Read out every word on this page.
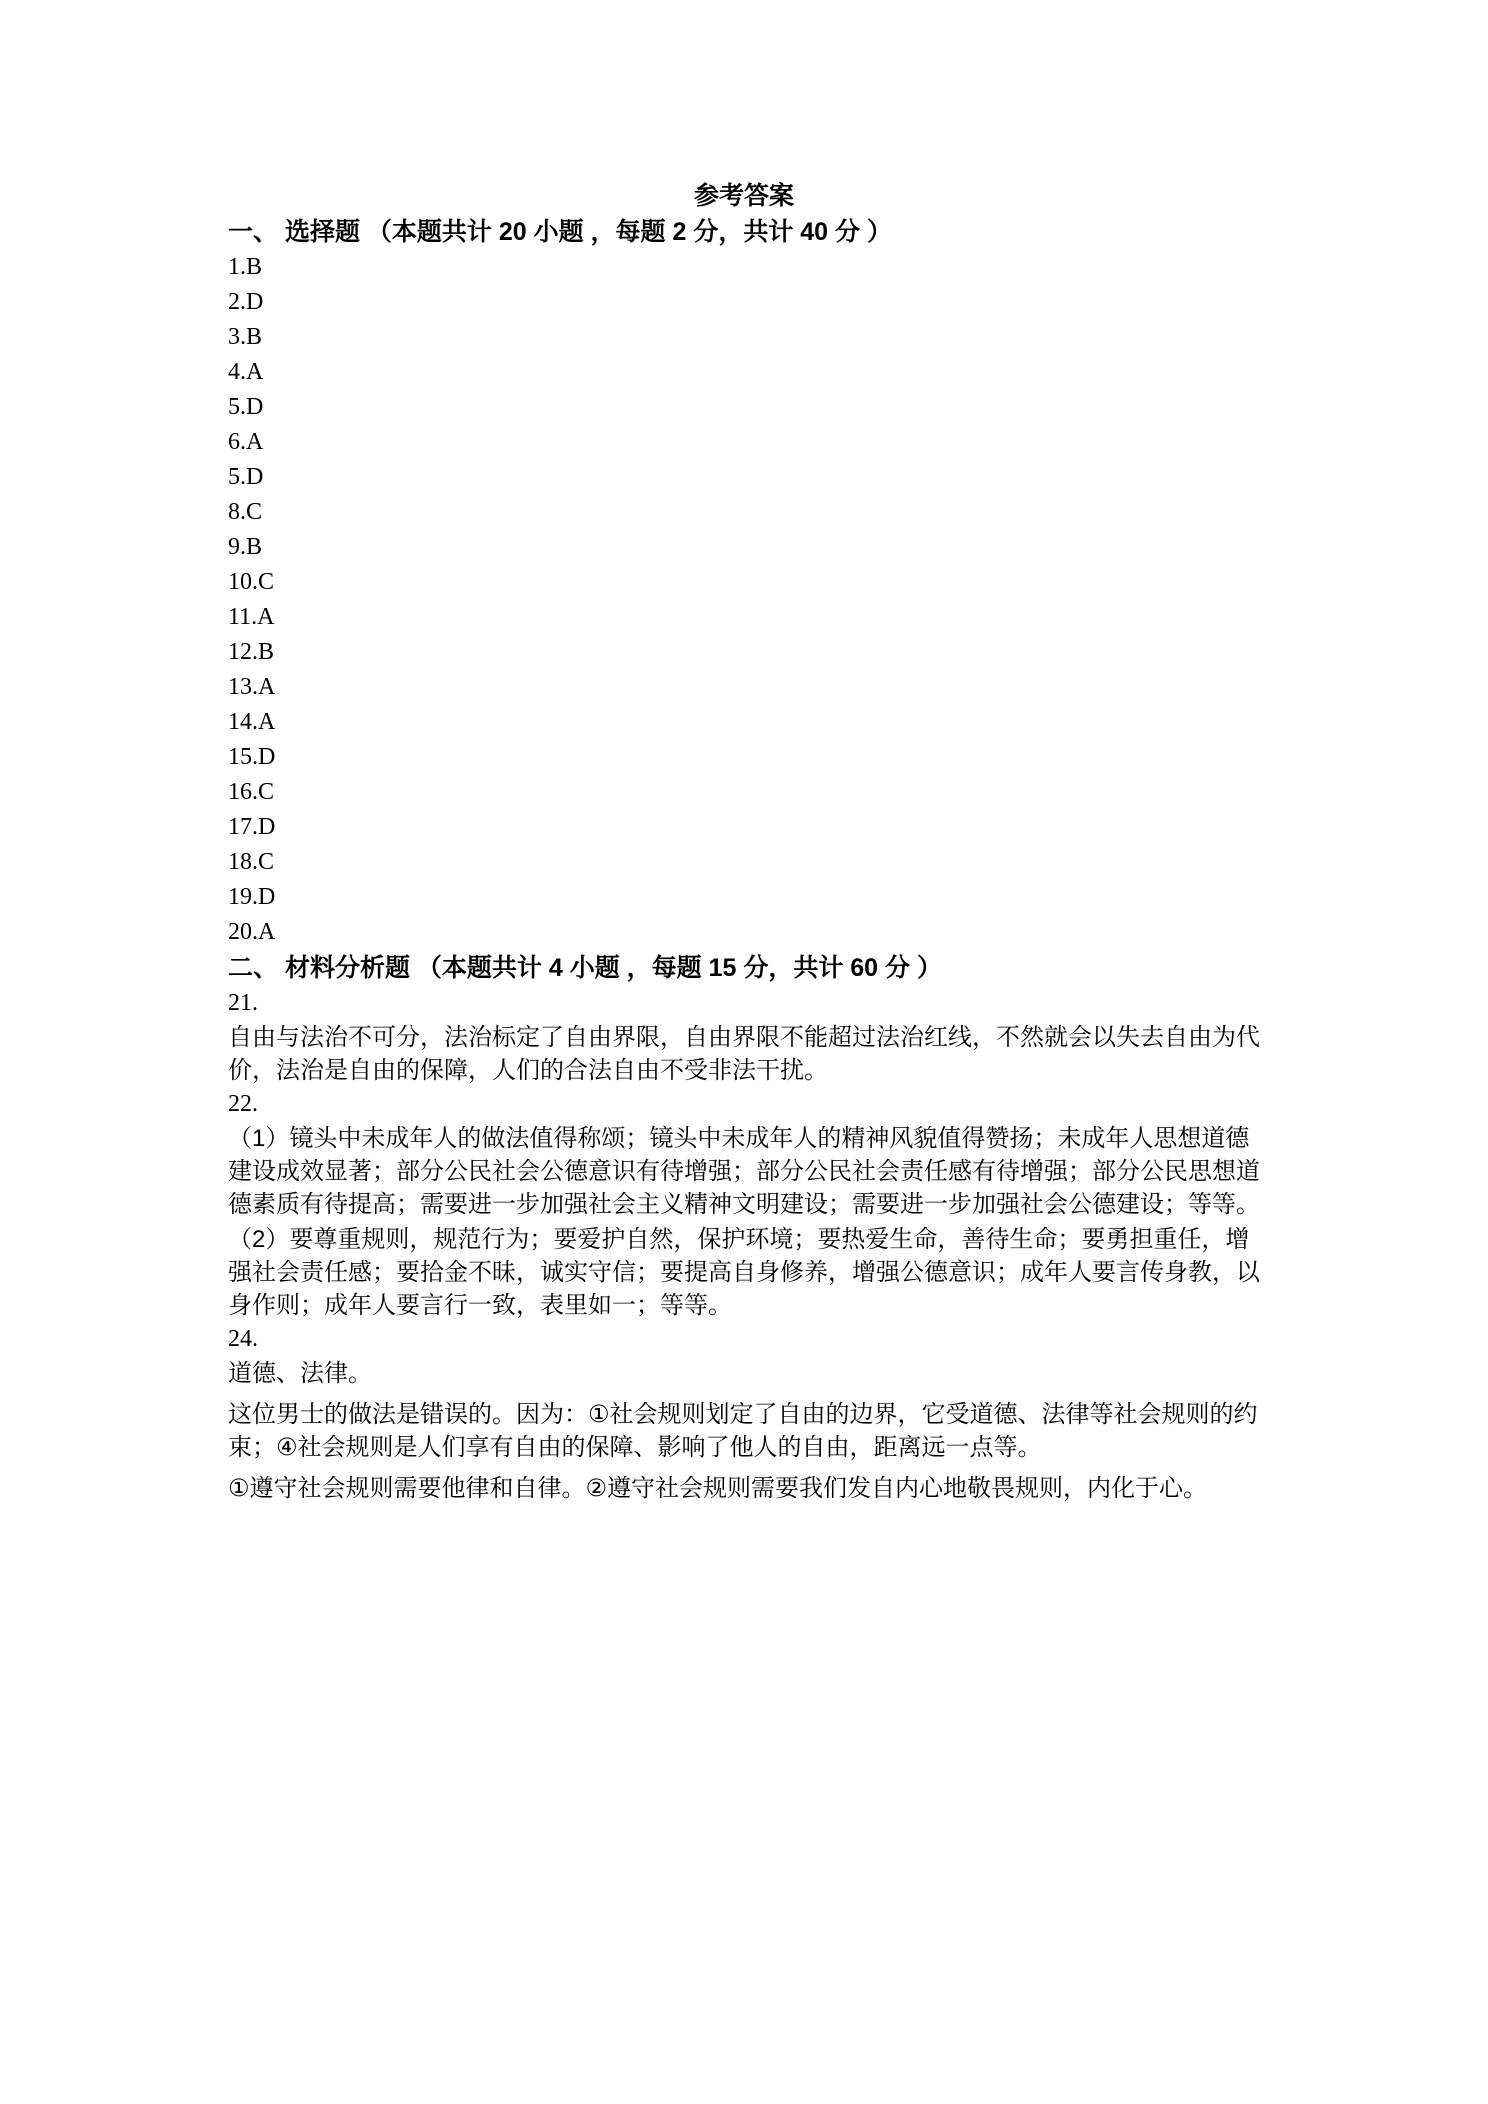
参考答案
一、 选择题 （本题共计 20 小题 ，每题 2 分，共计 40 分 ）
1.B
2.D
3.B
4.A
5.D
6.A
5.D
8.C
9.B
10.C
11.A
12.B
13.A
14.A
15.D
16.C
17.D
18.C
19.D
20.A
二、 材料分析题 （本题共计 4 小题 ，每题 15 分，共计 60 分 ）

21.

自由与法治不可分，法治标定了自由界限，自由界限不能超过法治红线，不然就会以失去自由为代价，法治是自由的保障，人们的合法自由不受非法干扰。

22.

（1）镜头中未成年人的做法值得称颂；镜头中未成年人的精神风貌值得赞扬；未成年人思想道德建设成效显著；部分公民社会公德意识有待增强；部分公民社会责任感有待增强；部分公民思想道德素质有待提高；需要进一步加强社会主义精神文明建设；需要进一步加强社会公德建设；等等。

（2）要尊重规则，规范行为；要爱护自然，保护环境；要热爱生命，善待生命；要勇担重任，增强社会责任感；要拾金不昧，诚实守信；要提高自身修养，增强公德意识；成年人要言传身教，以身作则；成年人要言行一致，表里如一；等等。

24.

道德、法律。

这位男士的做法是错误的。因为：①社会规则划定了自由的边界，它受道德、法律等社会规则的约束；④社会规则是人们享有自由的保障、影响了他人的自由，距离远一点等。

①遵守社会规则需要他律和自律。②遵守社会规则需要我们发自内心地敬畏规则，内化于心。
